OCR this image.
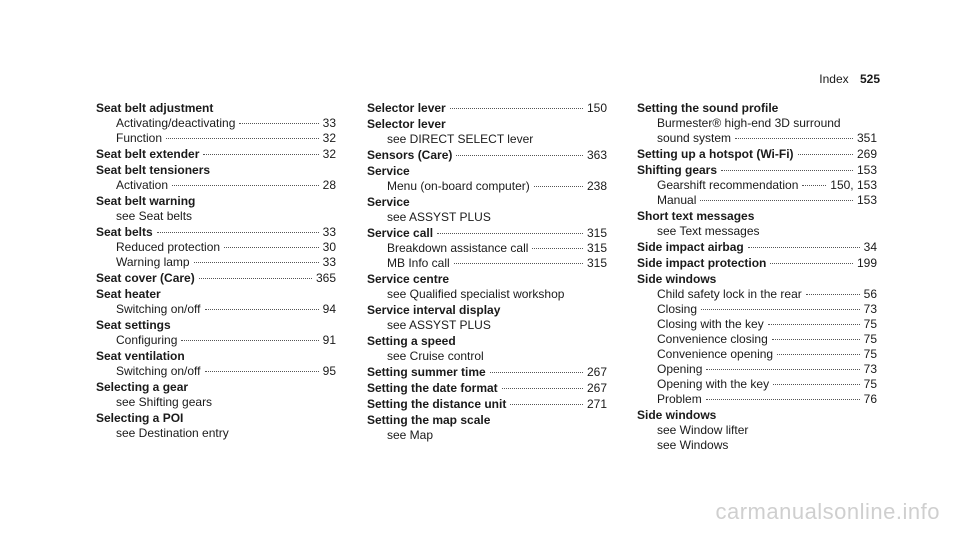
Index 525
Seat belt adjustment
Activating/deactivating	33
Function	32
Seat belt extender	32
Seat belt tensioners
Activation	28
Seat belt warning
see Seat belts
Seat belts	33
Reduced protection	30
Warning lamp	33
Seat cover (Care)	365
Seat heater
Switching on/off	94
Seat settings
Configuring	91
Seat ventilation
Switching on/off	95
Selecting a gear
see Shifting gears
Selecting a POI
see Destination entry
Selector lever	150
Selector lever
see DIRECT SELECT lever
Sensors (Care)	363
Service
Menu (on-board computer)	238
Service
see ASSYST PLUS
Service call	315
Breakdown assistance call	315
MB Info call	315
Service centre
see Qualified specialist workshop
Service interval display
see ASSYST PLUS
Setting a speed
see Cruise control
Setting summer time	267
Setting the date format	267
Setting the distance unit	271
Setting the map scale
see Map
Setting the sound profile
Burmester® high-end 3D surround
sound system	351
Setting up a hotspot (Wi-Fi)	269
Shifting gears	153
Gearshift recommendation	150, 153
Manual	153
Short text messages
see Text messages
Side impact airbag	34
Side impact protection	199
Side windows
Child safety lock in the rear	56
Closing	73
Closing with the key	75
Convenience closing	75
Convenience opening	75
Opening	73
Opening with the key	75
Problem	76
Side windows
see Window lifter
see Windows
carmanualsonline.info
